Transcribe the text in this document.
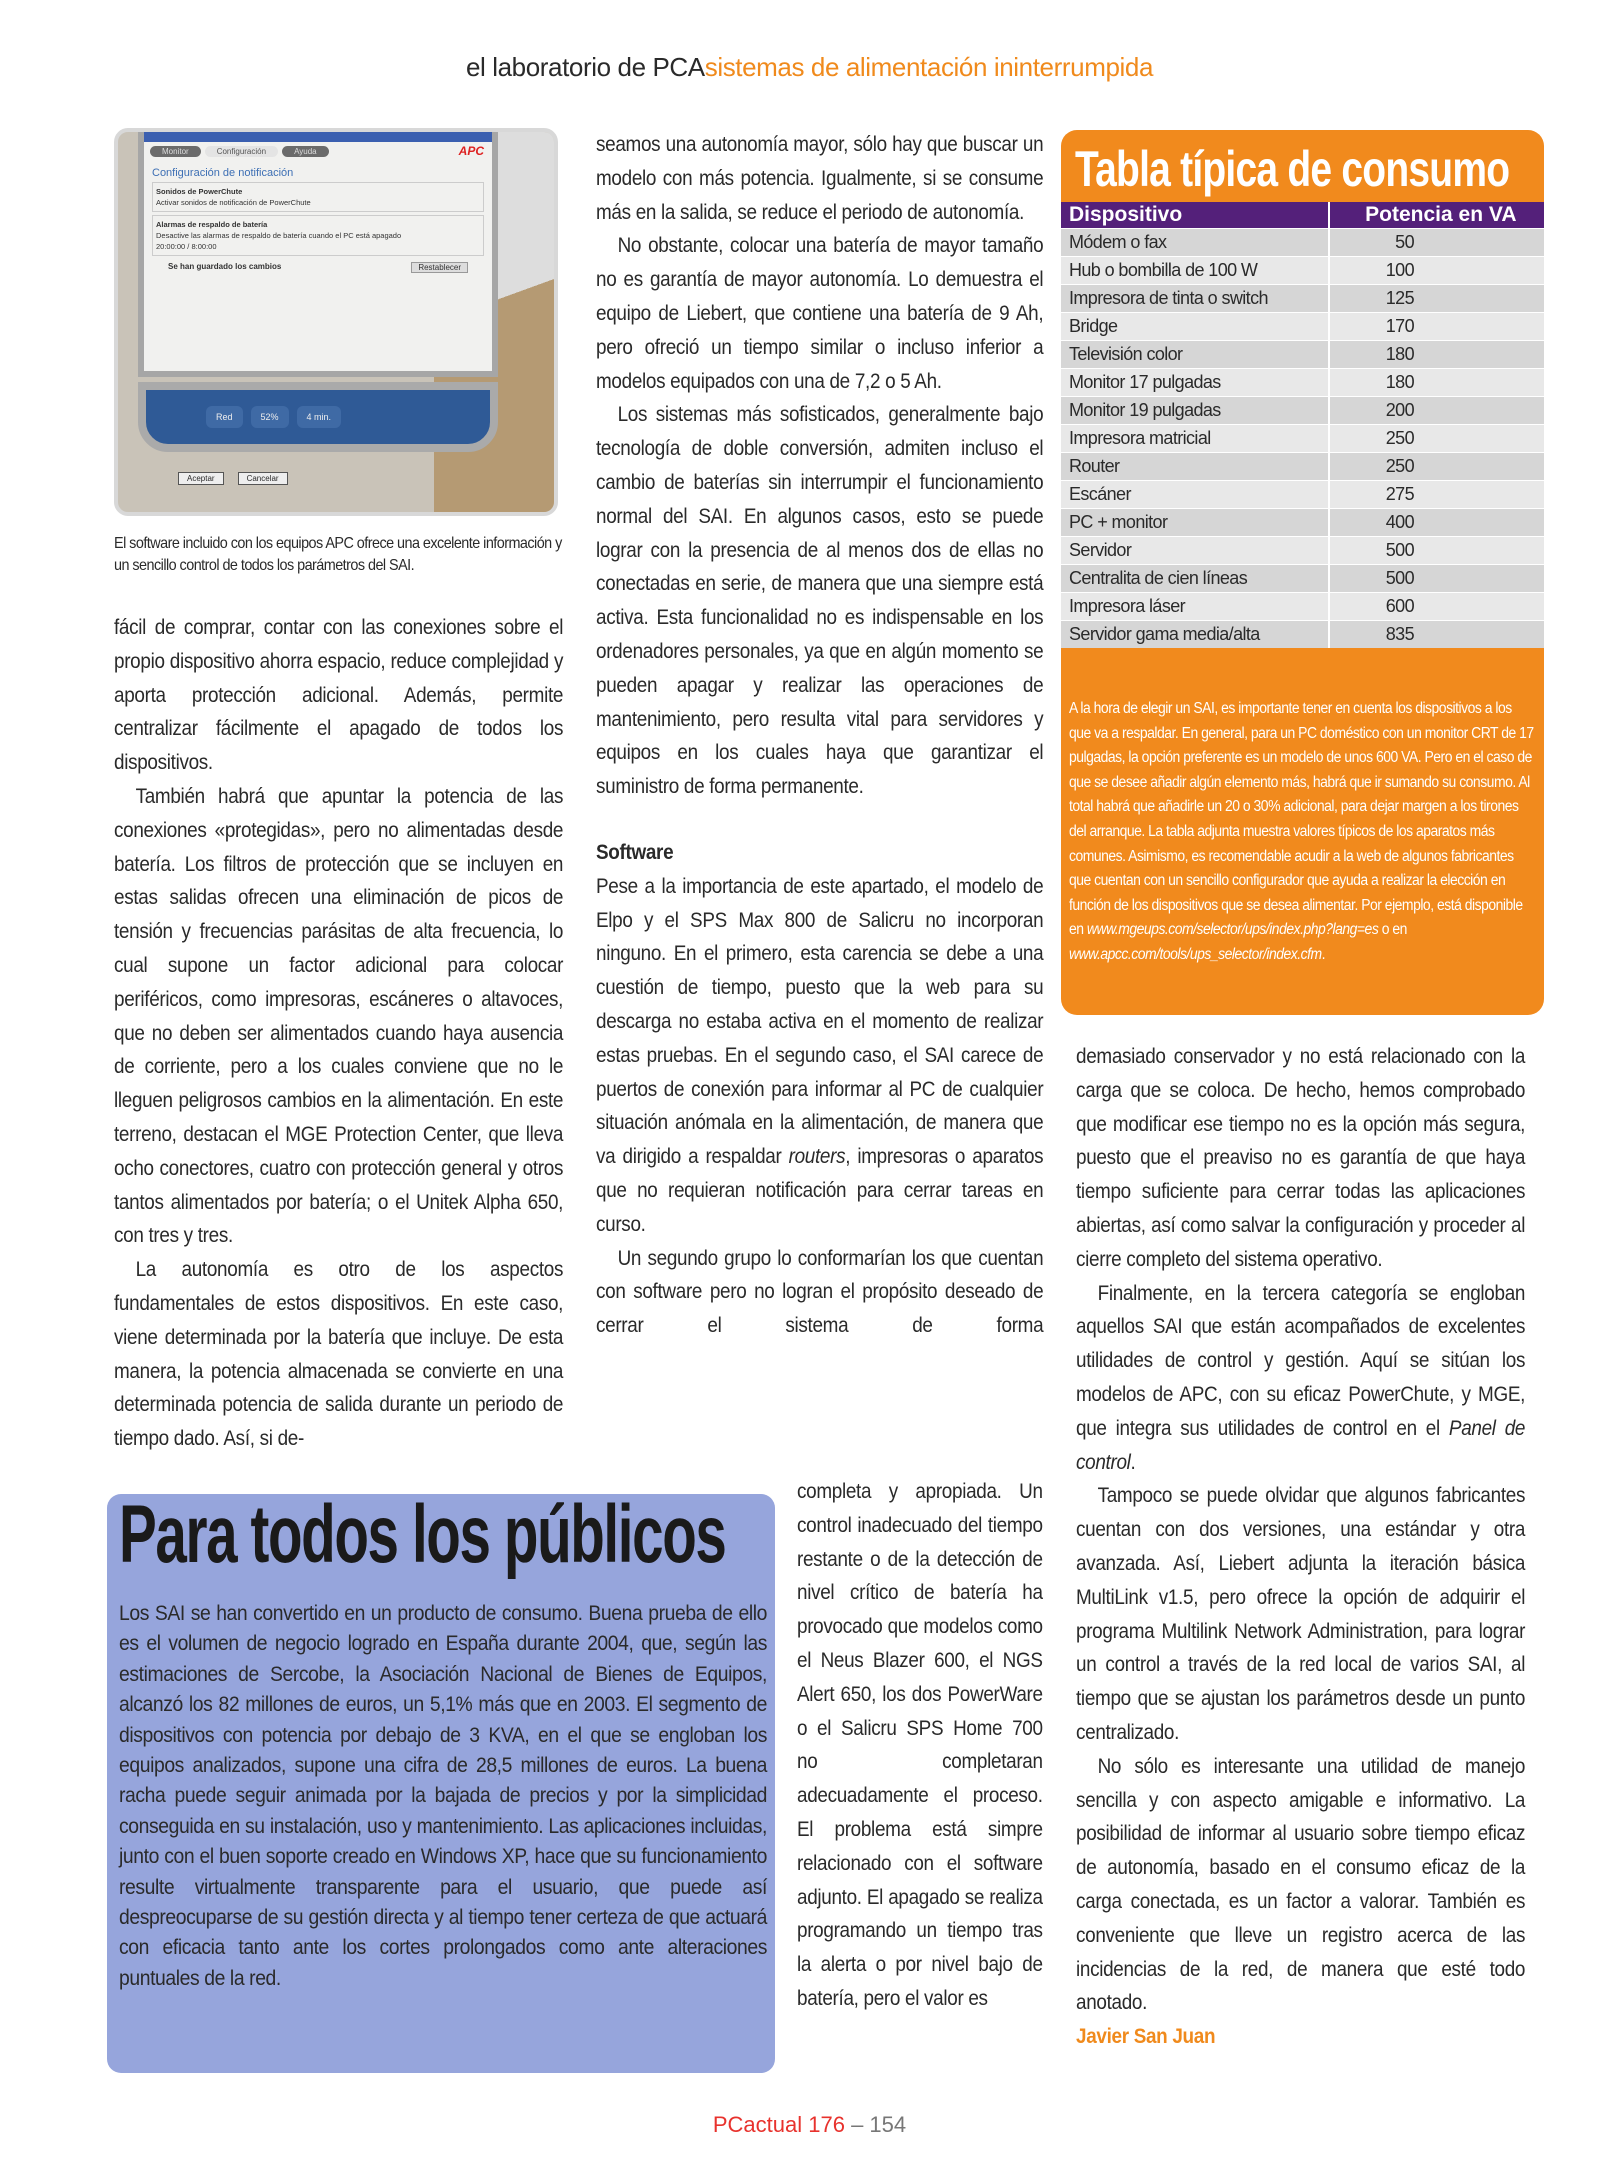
el laboratorio de PCAsistemas de alimentación ininterrumpida
Monitor	Configuración	Ayuda	APC
Configuración de notificación
Sonidos de PowerChute
Activar sonidos de notificación de PowerChute
Alarmas de respaldo de batería
Desactive las alarmas de respaldo de batería cuando el PC está apagado
20:00:00 / 8:00:00
Se han guardado los cambios	Restablecer
Red	52%	4 min.
Aceptar	Cancelar
El software incluido con los equipos APC ofrece una excelente información y un sencillo control de todos los parámetros del SAI.

fácil de comprar, contar con las conexiones sobre el propio dispositivo ahorra espacio, reduce complejidad y aporta protección adicional. Además, permite centralizar fácilmente el apagado de todos los dispositivos.

También habrá que apuntar la potencia de las conexiones «protegidas», pero no alimentadas desde batería. Los filtros de protección que se incluyen en estas salidas ofrecen una eliminación de picos de tensión y frecuencias parásitas de alta frecuencia, lo cual supone un factor adicional para colocar periféricos, como impresoras, escáneres o altavoces, que no deben ser alimentados cuando haya ausencia de corriente, pero a los cuales conviene que no le lleguen peligrosos cambios en la alimentación. En este terreno, destacan el MGE Protection Center, que lleva ocho conectores, cuatro con protección general y otros tantos alimentados por batería; o el Unitek Alpha 650, con tres y tres.

La autonomía es otro de los aspectos fundamentales de estos dispositivos. En este caso, viene determinada por la batería que incluye. De esta manera, la potencia almacenada se convierte en una determinada potencia de salida durante un periodo de tiempo dado. Así, si de-

seamos una autonomía mayor, sólo hay que buscar un modelo con más potencia. Igualmente, si se consume más en la salida, se reduce el periodo de autonomía.

No obstante, colocar una batería de mayor tamaño no es garantía de mayor autonomía. Lo demuestra el equipo de Liebert, que contiene una batería de 9 Ah, pero ofreció un tiempo similar o incluso inferior a modelos equipados con una de 7,2 o 5 Ah.

Los sistemas más sofisticados, generalmente bajo tecnología de doble conversión, admiten incluso el cambio de baterías sin interrumpir el funcionamiento normal del SAI. En algunos casos, esto se puede lograr con la presencia de al menos dos de ellas no conectadas en serie, de manera que una siempre está activa. Esta funcionalidad no es indispensable en los ordenadores personales, ya que en algún momento se pueden apagar y realizar las operaciones de mantenimiento, pero resulta vital para servidores y equipos en los cuales haya que garantizar el suministro de forma permanente.

Software

Pese a la importancia de este apartado, el modelo de Elpo y el SPS Max 800 de Salicru no incorporan ninguno. En el primero, esta carencia se debe a una cuestión de tiempo, puesto que la web para su descarga no estaba activa en el momento de realizar estas pruebas. En el segundo caso, el SAI carece de puertos de conexión para informar al PC de cualquier situación anómala en la alimentación, de manera que va dirigido a respaldar routers, impresoras o aparatos que no requieran notificación para cerrar tareas en curso.

Un segundo grupo lo conformarían los que cuentan con software pero no logran el propósito deseado de cerrar el sistema de forma

completa y apropiada. Un control inadecuado del tiempo restante o de la detección de nivel crítico de batería ha provocado que modelos como el Neus Blazer 600, el NGS Alert 650, los dos PowerWare o el Salicru SPS Home 700 no completaran adecuadamente el proceso. El problema está simpre relacionado con el software adjunto. El apagado se realiza programando un tiempo tras la alerta o por nivel bajo de batería, pero el valor es

demasiado conservador y no está relacionado con la carga que se coloca. De hecho, hemos comprobado que modificar ese tiempo no es la opción más segura, puesto que el preaviso no es garantía de que haya tiempo suficiente para cerrar todas las aplicaciones abiertas, así como salvar la configuración y proceder al cierre completo del sistema operativo.

Finalmente, en la tercera categoría se engloban aquellos SAI que están acompañados de excelentes utilidades de control y gestión. Aquí se sitúan los modelos de APC, con su eficaz PowerChute, y MGE, que integra sus utilidades de control en el Panel de control.

Tampoco se puede olvidar que algunos fabricantes cuentan con dos versiones, una estándar y otra avanzada. Así, Liebert adjunta la iteración básica MultiLink v1.5, pero ofrece la opción de adquirir el programa Multilink Network Administration, para lograr un control a través de la red local de varios SAI, al tiempo que se ajustan los parámetros desde un punto centralizado.

No sólo es interesante una utilidad de manejo sencilla y con aspecto amigable e informativo. La posibilidad de informar al usuario sobre tiempo eficaz de autonomía, basado en el consumo eficaz de la carga conectada, es un factor a valorar. También es conveniente que lleve un registro acerca de las incidencias de la red, de manera que esté todo anotado.

Javier San Juan
Tabla típica de consumo
Dispositivo	Potencia en VA
Módem o fax	50
Hub o bombilla de 100 W	100
Impresora de tinta o switch	125
Bridge	170
Televisión color	180
Monitor 17 pulgadas	180
Monitor 19 pulgadas	200
Impresora matricial	250
Router	250
Escáner	275
PC + monitor	400
Servidor	500
Centralita de cien líneas	500
Impresora láser	600
Servidor gama media/alta	835
A la hora de elegir un SAI, es importante tener en cuenta los dispositivos a los que va a respaldar. En general, para un PC doméstico con un monitor CRT de 17 pulgadas, la opción preferente es un modelo de unos 600 VA. Pero en el caso de que se desee añadir algún elemento más, habrá que ir sumando su consumo. Al total habrá que añadirle un 20 o 30% adicional, para dejar margen a los tirones del arranque. La tabla adjunta muestra valores típicos de los aparatos más comunes. Asimismo, es recomendable acudir a la web de algunos fabricantes que cuentan con un sencillo configurador que ayuda a realizar la elección en función de los dispositivos que se desea alimentar. Por ejemplo, está disponible en www.mgeups.com/selector/ups/index.php?lang=es o en www.apcc.com/tools/ups_selector/index.cfm.
Para todos los públicos
Los SAI se han convertido en un producto de consumo. Buena prueba de ello es el volumen de negocio logrado en España durante 2004, que, según las estimaciones de Sercobe, la Asociación Nacional de Bienes de Equipos, alcanzó los 82 millones de euros, un 5,1% más que en 2003. El segmento de dispositivos con potencia por debajo de 3 KVA, en el que se engloban los equipos analizados, supone una cifra de 28,5 millones de euros. La buena racha puede seguir animada por la bajada de precios y por la simplicidad conseguida en su instalación, uso y mantenimiento. Las aplicaciones incluidas, junto con el buen soporte creado en Windows XP, hace que su funcionamiento resulte virtualmente transparente para el usuario, que puede así despreocuparse de su gestión directa y al tiempo tener certeza de que actuará con eficacia tanto ante los cortes prolongados como ante alteraciones puntuales de la red.
PCactual 176 – 154
